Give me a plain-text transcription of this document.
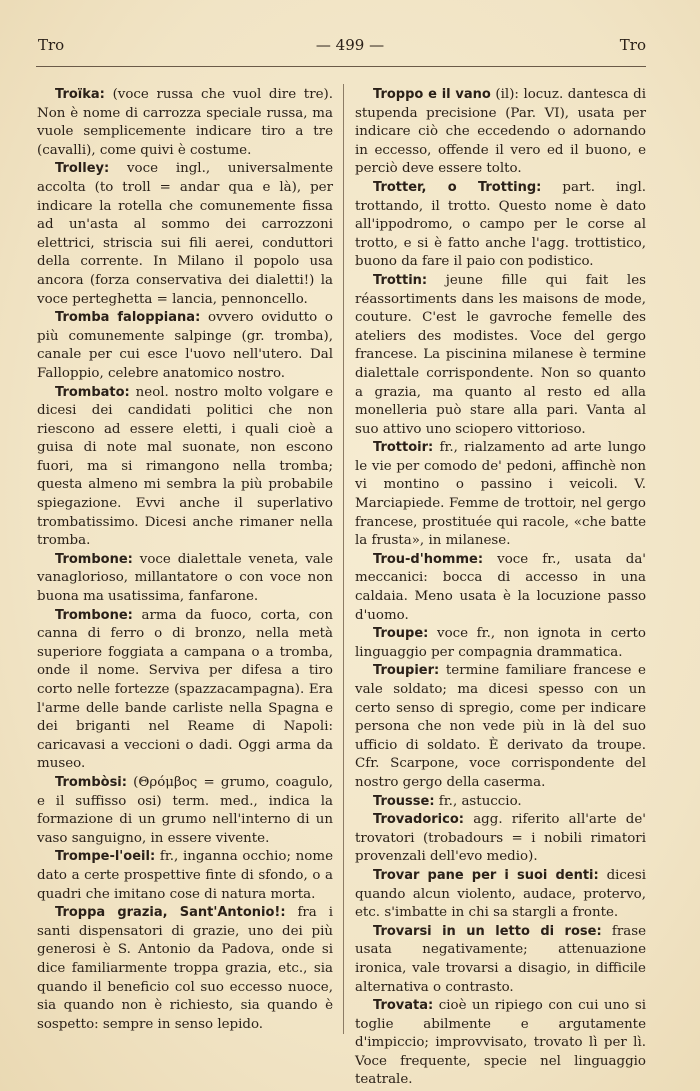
Tro	— 499 —	Tro

Troïka: (voce russa che vuol dire tre). Non è nome di carrozza speciale russa, ma vuole semplicemente indicare tiro a tre (cavalli), come quivi è costume.

Trolley: voce ingl., universalmente accolta (to troll = andar qua e là), per indicare la rotella che comunemente fissa ad un'asta al sommo dei carrozzoni elettrici, striscia sui fili aerei, conduttori della corrente. In Milano il popolo usa ancora (forza conservativa dei dialetti!) la voce perteghetta = lancia, pennoncello.

Tromba faloppiana: ovvero ovidutto o più comunemente salpinge (gr. tromba), canale per cui esce l'uovo nell'utero. Dal Falloppio, celebre anatomico nostro.

Trombato: neol. nostro molto volgare e dicesi dei candidati politici che non riescono ad essere eletti, i quali cioè a guisa di note mal suonate, non escono fuori, ma si rimangono nella tromba; questa almeno mi sembra la più probabile spiegazione. Evvi anche il superlativo trombatissimo. Dicesi anche rimaner nella tromba.

Trombone: voce dialettale veneta, vale vanaglorioso, millantatore o con voce non buona ma usatissima, fanfarone.

Trombone: arma da fuoco, corta, con canna di ferro o di bronzo, nella metà superiore foggiata a campana o a tromba, onde il nome. Serviva per difesa a tiro corto nelle fortezze (spazzacampagna). Era l'arme delle bande carliste nella Spagna e dei briganti nel Reame di Napoli: caricavasi a veccioni o dadi. Oggi arma da museo.

Trombòsi: (Θρόμβος = grumo, coagulo, e il suffisso osi) term. med., indica la formazione di un grumo nell'interno di un vaso sanguigno, in essere vivente.

Trompe-l'oeil: fr., inganna occhio; nome dato a certe prospettive finte di sfondo, o a quadri che imitano cose di natura morta.

Troppa grazia, Sant'Antonio!: fra i santi dispensatori di grazie, uno dei più generosi è S. Antonio da Padova, onde si dice familiarmente troppa grazia, etc., sia quando il beneficio col suo eccesso nuoce, sia quando non è richiesto, sia quando è sospetto: sempre in senso lepido.

Troppo e il vano (il): locuz. dantesca di stupenda precisione (Par. VI), usata per indicare ciò che eccedendo o adornando in eccesso, offende il vero ed il buono, e perciò deve essere tolto.

Trotter, o Trotting: part. ingl. trottando, il trotto. Questo nome è dato all'ippodromo, o campo per le corse al trotto, e si è fatto anche l'agg. trottistico, buono da fare il paio con podistico.

Trottin: jeune fille qui fait les réassortiments dans les maisons de mode, couture. C'est le gavroche femelle des ateliers des modistes. Voce del gergo francese. La piscinina milanese è termine dialettale corrispondente. Non so quanto a grazia, ma quanto al resto ed alla monelleria può stare alla pari. Vanta al suo attivo uno sciopero vittorioso.

Trottoir: fr., rialzamento ad arte lungo le vie per comodo de' pedoni, affinchè non vi montino o passino i veicoli. V. Marciapiede. Femme de trottoir, nel gergo francese, prostituée qui racole, «che batte la frusta», in milanese.

Trou-d'homme: voce fr., usata da' meccanici: bocca di accesso in una caldaia. Meno usata è la locuzione passo d'uomo.

Troupe: voce fr., non ignota in certo linguaggio per compagnia drammatica.

Troupier: termine familiare francese e vale soldato; ma dicesi spesso con un certo senso di spregio, come per indicare persona che non vede più in là del suo ufficio di soldato. È derivato da troupe. Cfr. Scarpone, voce corrispondente del nostro gergo della caserma.

Trousse: fr., astuccio.

Trovadorico: agg. riferito all'arte de' trovatori (trobadours = i nobili rimatori provenzali dell'evo medio).

Trovar pane per i suoi denti: dicesi quando alcun violento, audace, protervo, etc. s'imbatte in chi sa stargli a fronte.

Trovarsi in un letto di rose: frase usata negativamente; attenuazione ironica, vale trovarsi a disagio, in difficile alternativa o contrasto.

Trovata: cioè un ripiego con cui uno si toglie abilmente e argutamente d'impiccio; improvvisato, trovato lì per lì. Voce frequente, specie nel linguaggio teatrale.
